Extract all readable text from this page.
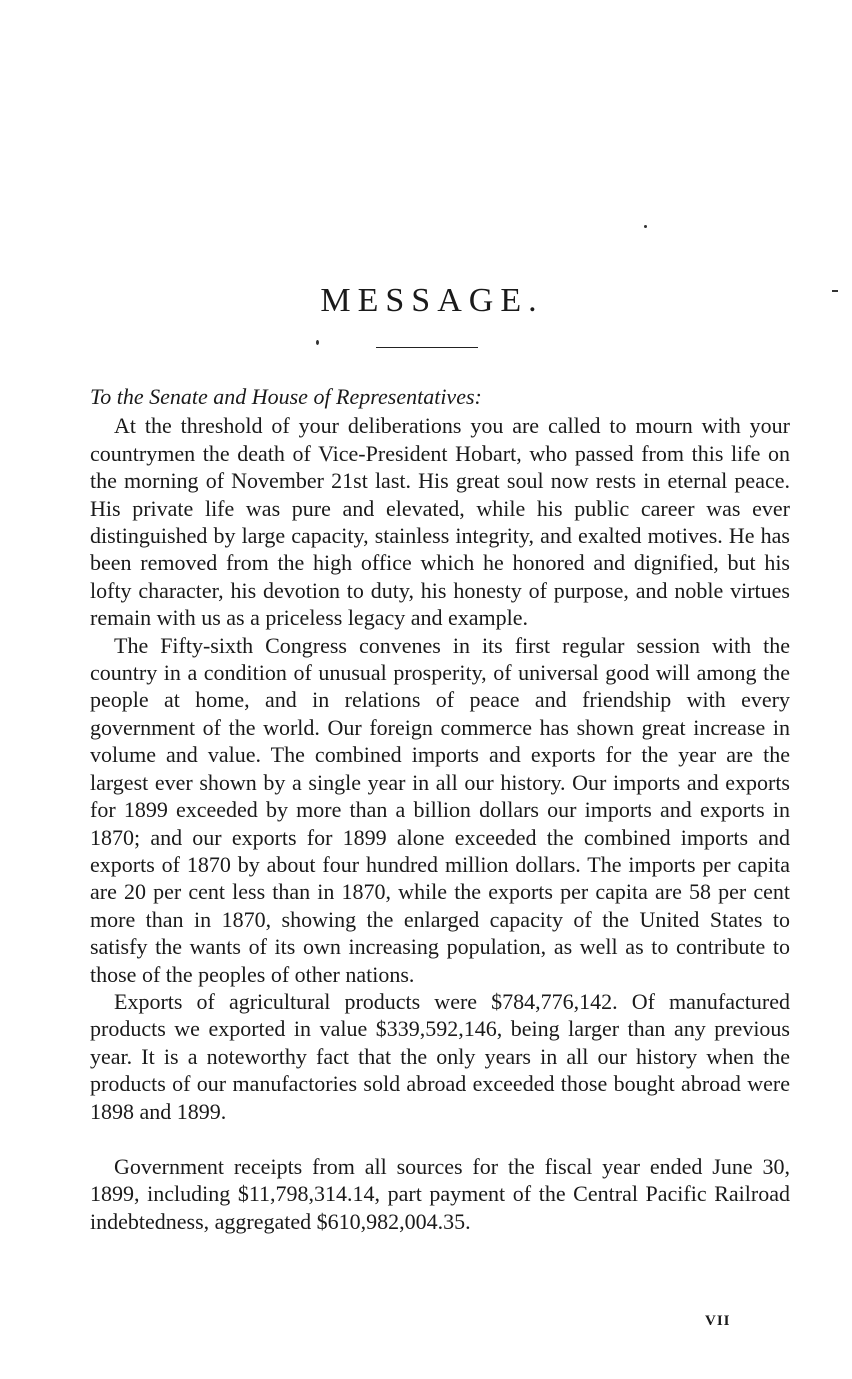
MESSAGE.

To the Senate and House of Representatives:

At the threshold of your deliberations you are called to mourn with your countrymen the death of Vice-President Hobart, who passed from this life on the morning of November 21st last. His great soul now rests in eternal peace. His private life was pure and elevated, while his public career was ever distinguished by large capacity, stainless integrity, and exalted motives. He has been removed from the high office which he honored and dignified, but his lofty character, his devotion to duty, his honesty of purpose, and noble virtues remain with us as a priceless legacy and example.

The Fifty-sixth Congress convenes in its first regular session with the country in a condition of unusual prosperity, of universal good will among the people at home, and in relations of peace and friendship with every government of the world. Our foreign commerce has shown great increase in volume and value. The combined imports and exports for the year are the largest ever shown by a single year in all our history. Our imports and exports for 1899 exceeded by more than a billion dollars our imports and exports in 1870; and our exports for 1899 alone exceeded the combined imports and exports of 1870 by about four hundred million dollars. The imports per capita are 20 per cent less than in 1870, while the exports per capita are 58 per cent more than in 1870, showing the enlarged capacity of the United States to satisfy the wants of its own increasing population, as well as to contribute to those of the peoples of other nations.

Exports of agricultural products were $784,776,142. Of manufactured products we exported in value $339,592,146, being larger than any previous year. It is a noteworthy fact that the only years in all our history when the products of our manufactories sold abroad exceeded those bought abroad were 1898 and 1899.

Government receipts from all sources for the fiscal year ended June 30, 1899, including $11,798,314.14, part payment of the Central Pacific Railroad indebtedness, aggregated $610,982,004.35.

VII
